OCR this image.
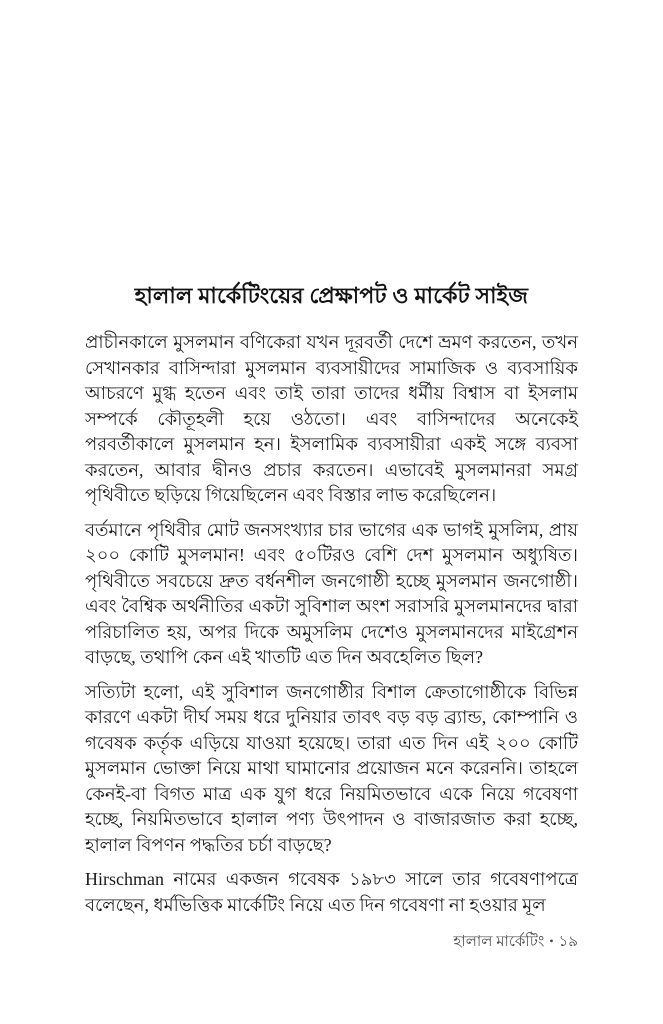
হালাল মার্কেটিংয়ের প্রেক্ষাপট ও মার্কেট সাইজ

প্রাচীনকালে মুসলমান বণিকেরা যখন দূরবর্তী দেশে ভ্রমণ করতেন, তখন সেখানকার বাসিন্দারা মুসলমান ব্যবসায়ীদের সামাজিক ও ব্যবসায়িক আচরণে মুগ্ধ হতেন এবং তাই তারা তাদের ধর্মীয় বিশ্বাস বা ইসলাম সম্পর্কে কৌতূহলী হয়ে ওঠতো। এবং বাসিন্দাদের অনেকেই পরবর্তীকালে মুসলমান হন। ইসলামিক ব্যবসায়ীরা একই সঙ্গে ব্যবসা করতেন, আবার দ্বীনও প্রচার করতেন। এভাবেই মুসলমানরা সমগ্র পৃথিবীতে ছড়িয়ে গিয়েছিলেন এবং বিস্তার লাভ করেছিলেন।

বর্তমানে পৃথিবীর মোট জনসংখ্যার চার ভাগের এক ভাগই মুসলিম, প্রায় ২০০ কোটি মুসলমান! এবং ৫০টিরও বেশি দেশ মুসলমান অধ্যুষিত। পৃথিবীতে সবচেয়ে দ্রুত বর্ধনশীল জনগোষ্ঠী হচ্ছে মুসলমান জনগোষ্ঠী। এবং বৈশ্বিক অর্থনীতির একটা সুবিশাল অংশ সরাসরি মুসলমানদের দ্বারা পরিচালিত হয়, অপর দিকে অমুসলিম দেশেও মুসলমানদের মাইগ্রেশন বাড়ছে, তথাপি কেন এই খাতটি এত দিন অবহেলিত ছিল?

সত্যিটা হলো, এই সুবিশাল জনগোষ্ঠীর বিশাল ক্রেতাগোষ্ঠীকে বিভিন্ন কারণে একটা দীর্ঘ সময় ধরে দুনিয়ার তাবৎ বড় বড় ব্র্যান্ড, কোম্পানি ও গবেষক কর্তৃক এড়িয়ে যাওয়া হয়েছে। তারা এত দিন এই ২০০ কোটি মুসলমান ভোক্তা নিয়ে মাথা ঘামানোর প্রয়োজন মনে করেননি। তাহলে কেনই-বা বিগত মাত্র এক যুগ ধরে নিয়মিতভাবে একে নিয়ে গবেষণা হচ্ছে, নিয়মিতভাবে হালাল পণ্য উৎপাদন ও বাজারজাত করা হচ্ছে, হালাল বিপণন পদ্ধতির চর্চা বাড়ছে?

Hirschman নামের একজন গবেষক ১৯৮৩ সালে তার গবেষণাপত্রে বলেছেন, ধর্মভিত্তিক মার্কেটিং নিয়ে এত দিন গবেষণা না হওয়ার মূল

হালাল মার্কেটিং • ১৯
